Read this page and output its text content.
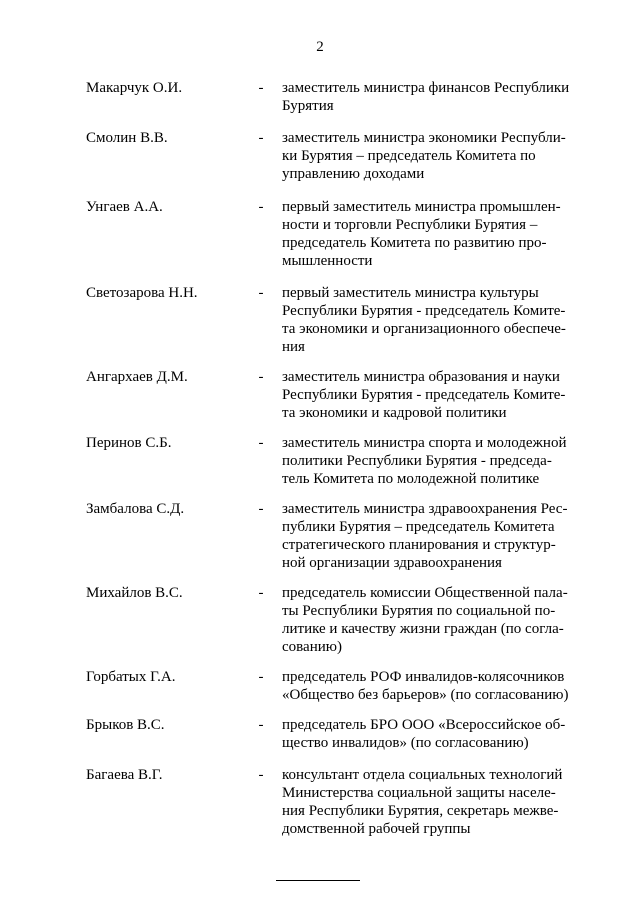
2
Макарчук О.И.	- заместитель министра финансов Республики
Бурятия
Смолин В.В.	- заместитель министра экономики Республи-
ки Бурятия – председатель Комитета по
управлению доходами
Унгаев А.А.	- первый заместитель министра промышлен-
ности и торговли Республики Бурятия –
председатель Комитета по развитию про-
мышленности
Светозарова Н.Н.	- первый заместитель министра культуры
Республики Бурятия - председатель Комите-
та экономики и организационного обеспече-
ния
Ангархаев Д.М.	- заместитель министра образования и науки
Республики Бурятия - председатель Комите-
та экономики и кадровой политики
Перинов С.Б.	- заместитель министра спорта и молодежной
политики Республики Бурятия - председа-
тель Комитета по молодежной политике
Замбалова С.Д.	- заместитель министра здравоохранения Рес-
публики Бурятия – председатель Комитета
стратегического планирования и структур-
ной организации здравоохранения
Михайлов В.С.	- председатель комиссии Общественной пала-
ты Республики Бурятия по социальной по-
литике и качеству жизни граждан (по согла-
сованию)
Горбатых Г.А.	- председатель РОФ инвалидов-колясочников
«Общество без барьеров» (по согласованию)
Брыков В.С.	- председатель БРО ООО «Всероссийское об-
щество инвалидов» (по согласованию)
Багаева В.Г.	- консультант отдела социальных технологий
Министерства социальной защиты населе-
ния Республики Бурятия, секретарь межве-
домственной рабочей группы
